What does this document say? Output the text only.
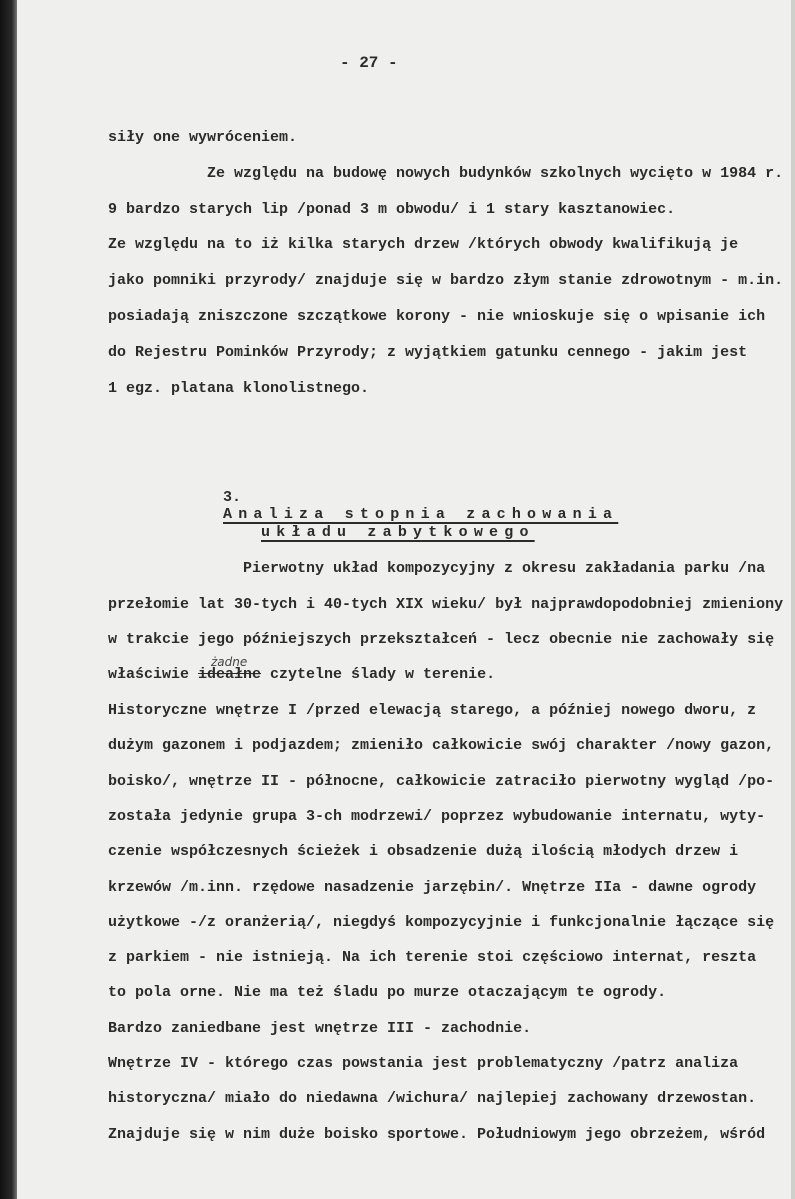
- 27 -
siły one wywróceniem.
Ze względu na budowę nowych budynków szkolnych wycięto w 1984 r.
9 bardzo starych lip /ponad 3 m obwodu/ i 1 stary kasztanowiec.
Ze względu na to iż kilka starych drzew /których obwody kwalifikują je
jako pomniki przyrody/ znajduje się w bardzo złym stanie zdrowotnym - m.in.
posiadają zniszczone szczątkowe korony - nie wnioskuje się o wpisanie ich
do Rejestru Pominków Przyrody; z wyjątkiem gatunku cennego - jakim jest
1 egz. platana klonolistnego.

3.
Analiza stopnia zachowania

układu zabytkowego

Pierwotny układ kompozycyjny z okresu zakładania parku /na
przełomie lat 30-tych i 40-tych XIX wieku/ był najprawdopodobniej zmieniony
w trakcie jego późniejszych przekształceń - lecz obecnie nie zachowały się
właściwie ideałne czytelne ślady w terenie.
żadne
Historyczne wnętrze I /przed elewacją starego, a później nowego dworu, z
dużym gazonem i podjazdem; zmieniło całkowicie swój charakter /nowy gazon,
boisko/, wnętrze II - północne, całkowicie zatraciło pierwotny wygląd /po-
została jedynie grupa 3-ch modrzewi/ poprzez wybudowanie internatu, wyty-
czenie współczesnych ścieżek i obsadzenie dużą ilością młodych drzew i
krzewów /m.inn. rzędowe nasadzenie jarzębin/. Wnętrze IIa - dawne ogrody
użytkowe -/z oranżerią/, niegdyś kompozycyjnie i funkcjonalnie łączące się
z parkiem - nie istnieją. Na ich terenie stoi częściowo internat, reszta
to pola orne. Nie ma też śladu po murze otaczającym te ogrody.
Bardzo zaniedbane jest wnętrze III - zachodnie.
Wnętrze IV - którego czas powstania jest problematyczny /patrz analiza
historyczna/ miało do niedawna /wichura/ najlepiej zachowany drzewostan.
Znajduje się w nim duże boisko sportowe. Południowym jego obrzeżem, wśród
